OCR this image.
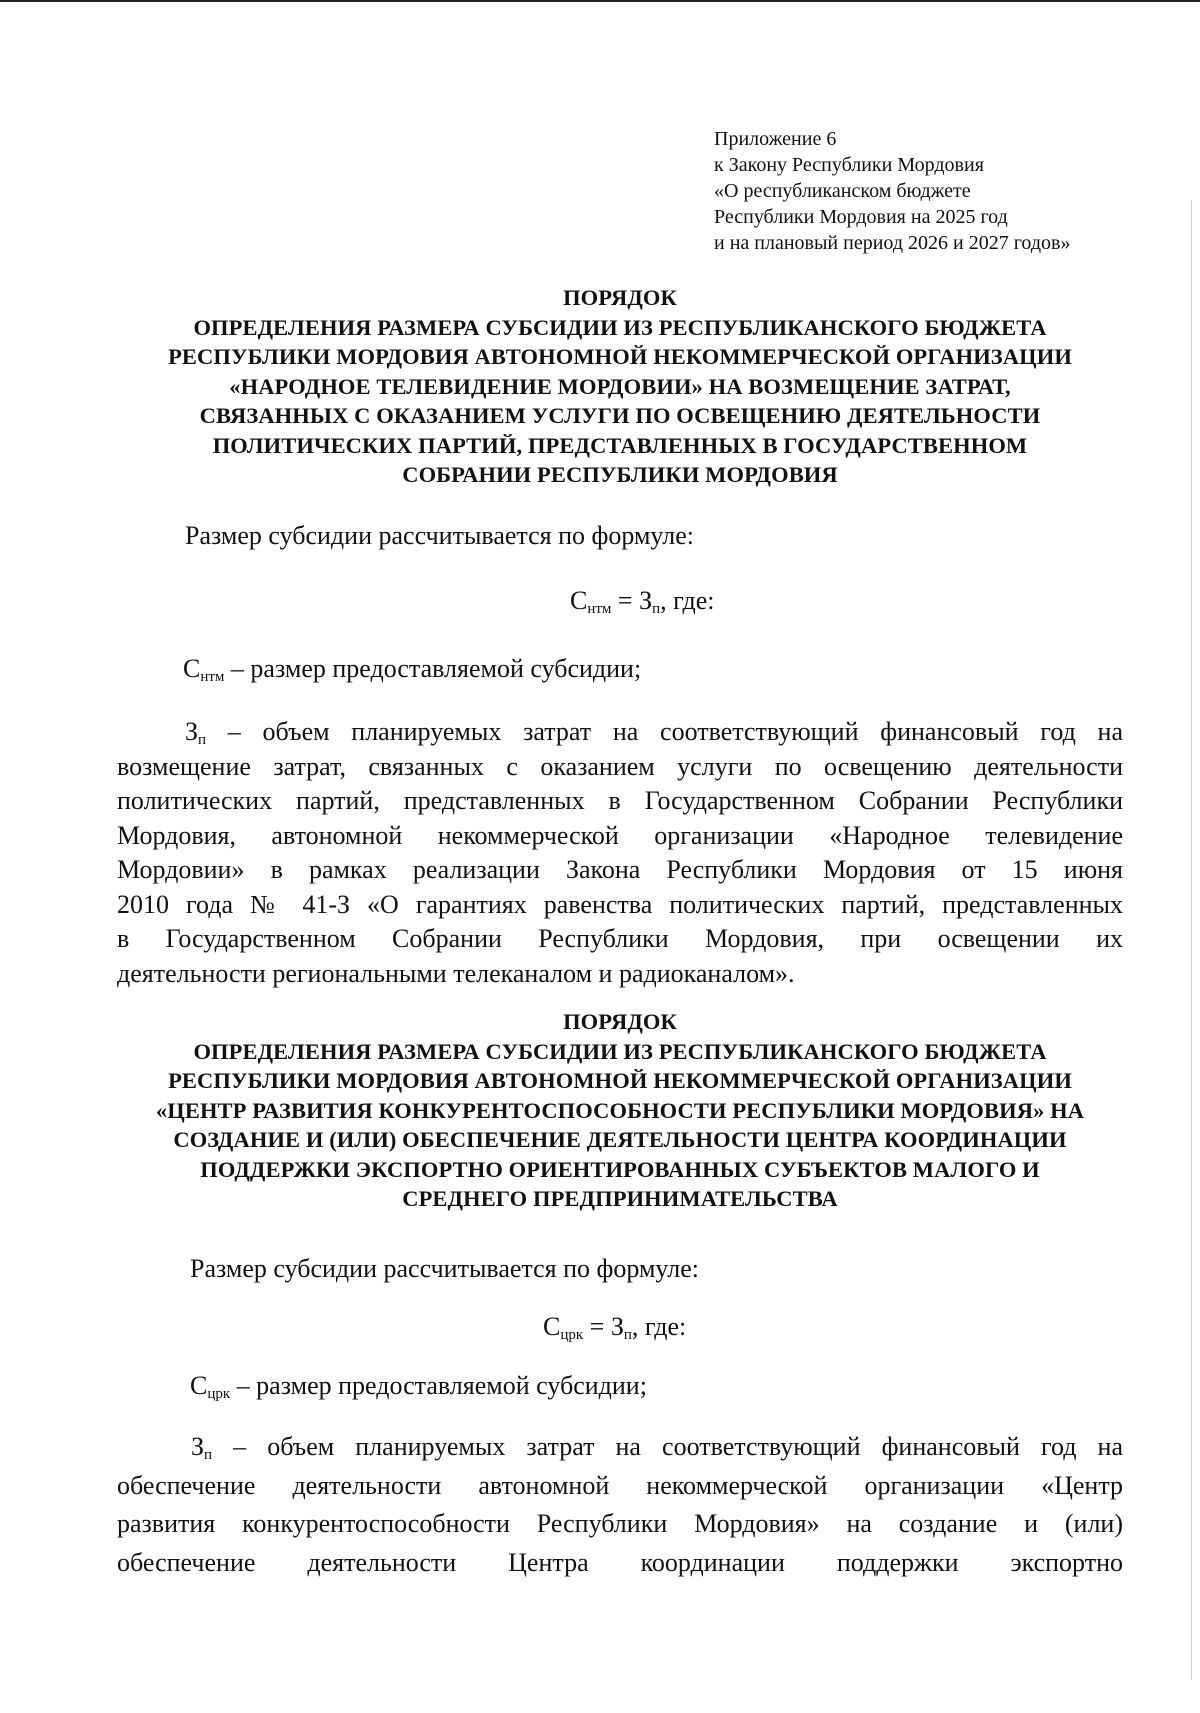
Приложение 6
к Закону Республики Мордовия
«О республиканском бюджете
Республики Мордовия на 2025 год
и на плановый период 2026 и 2027 годов»
ПОРЯДОК
ОПРЕДЕЛЕНИЯ РАЗМЕРА СУБСИДИИ ИЗ РЕСПУБЛИКАНСКОГО БЮДЖЕТА
РЕСПУБЛИКИ МОРДОВИЯ АВТОНОМНОЙ НЕКОММЕРЧЕСКОЙ ОРГАНИЗАЦИИ
«НАРОДНОЕ ТЕЛЕВИДЕНИЕ МОРДОВИИ» НА ВОЗМЕЩЕНИЕ ЗАТРАТ,
СВЯЗАННЫХ С ОКАЗАНИЕМ УСЛУГИ ПО ОСВЕЩЕНИЮ ДЕЯТЕЛЬНОСТИ
ПОЛИТИЧЕСКИХ ПАРТИЙ, ПРЕДСТАВЛЕННЫХ В ГОСУДАРСТВЕННОМ
СОБРАНИИ РЕСПУБЛИКИ МОРДОВИЯ
Размер субсидии рассчитывается по формуле:
$С_{нтм} = З_п$, где:
$С_{нтм}$ – размер предоставляемой субсидии;
$З_п$ – объем планируемых затрат на соответствующий финансовый год на
возмещение затрат, связанных с оказанием услуги по освещению деятельности
политических партий, представленных в Государственном Собрании Республики
Мордовия, автономной некоммерческой организации «Народное телевидение
Мордовии» в рамках реализации Закона Республики Мордовия от 15 июня
2010 года № 41-З «О гарантиях равенства политических партий, представленных
в Государственном Собрании Республики Мордовия, при освещении их
деятельности региональными телеканалом и радиоканалом».
ПОРЯДОК
ОПРЕДЕЛЕНИЯ РАЗМЕРА СУБСИДИИ ИЗ РЕСПУБЛИКАНСКОГО БЮДЖЕТА
РЕСПУБЛИКИ МОРДОВИЯ АВТОНОМНОЙ НЕКОММЕРЧЕСКОЙ ОРГАНИЗАЦИИ
«ЦЕНТР РАЗВИТИЯ КОНКУРЕНТОСПОСОБНОСТИ РЕСПУБЛИКИ МОРДОВИЯ» НА
СОЗДАНИЕ И (ИЛИ) ОБЕСПЕЧЕНИЕ ДЕЯТЕЛЬНОСТИ ЦЕНТРА КООРДИНАЦИИ
ПОДДЕРЖКИ ЭКСПОРТНО ОРИЕНТИРОВАННЫХ СУБЪЕКТОВ МАЛОГО И
СРЕДНЕГО ПРЕДПРИНИМАТЕЛЬСТВА
Размер субсидии рассчитывается по формуле:
$С_{црк} = З_п$, где:
$С_{црк}$ – размер предоставляемой субсидии;
$З_п$ – объем планируемых затрат на соответствующий финансовый год на
обеспечение деятельности автономной некоммерческой организации «Центр
развития конкурентоспособности Республики Мордовия» на создание и (или)
обеспечение деятельности Центра координации поддержки экспортно
